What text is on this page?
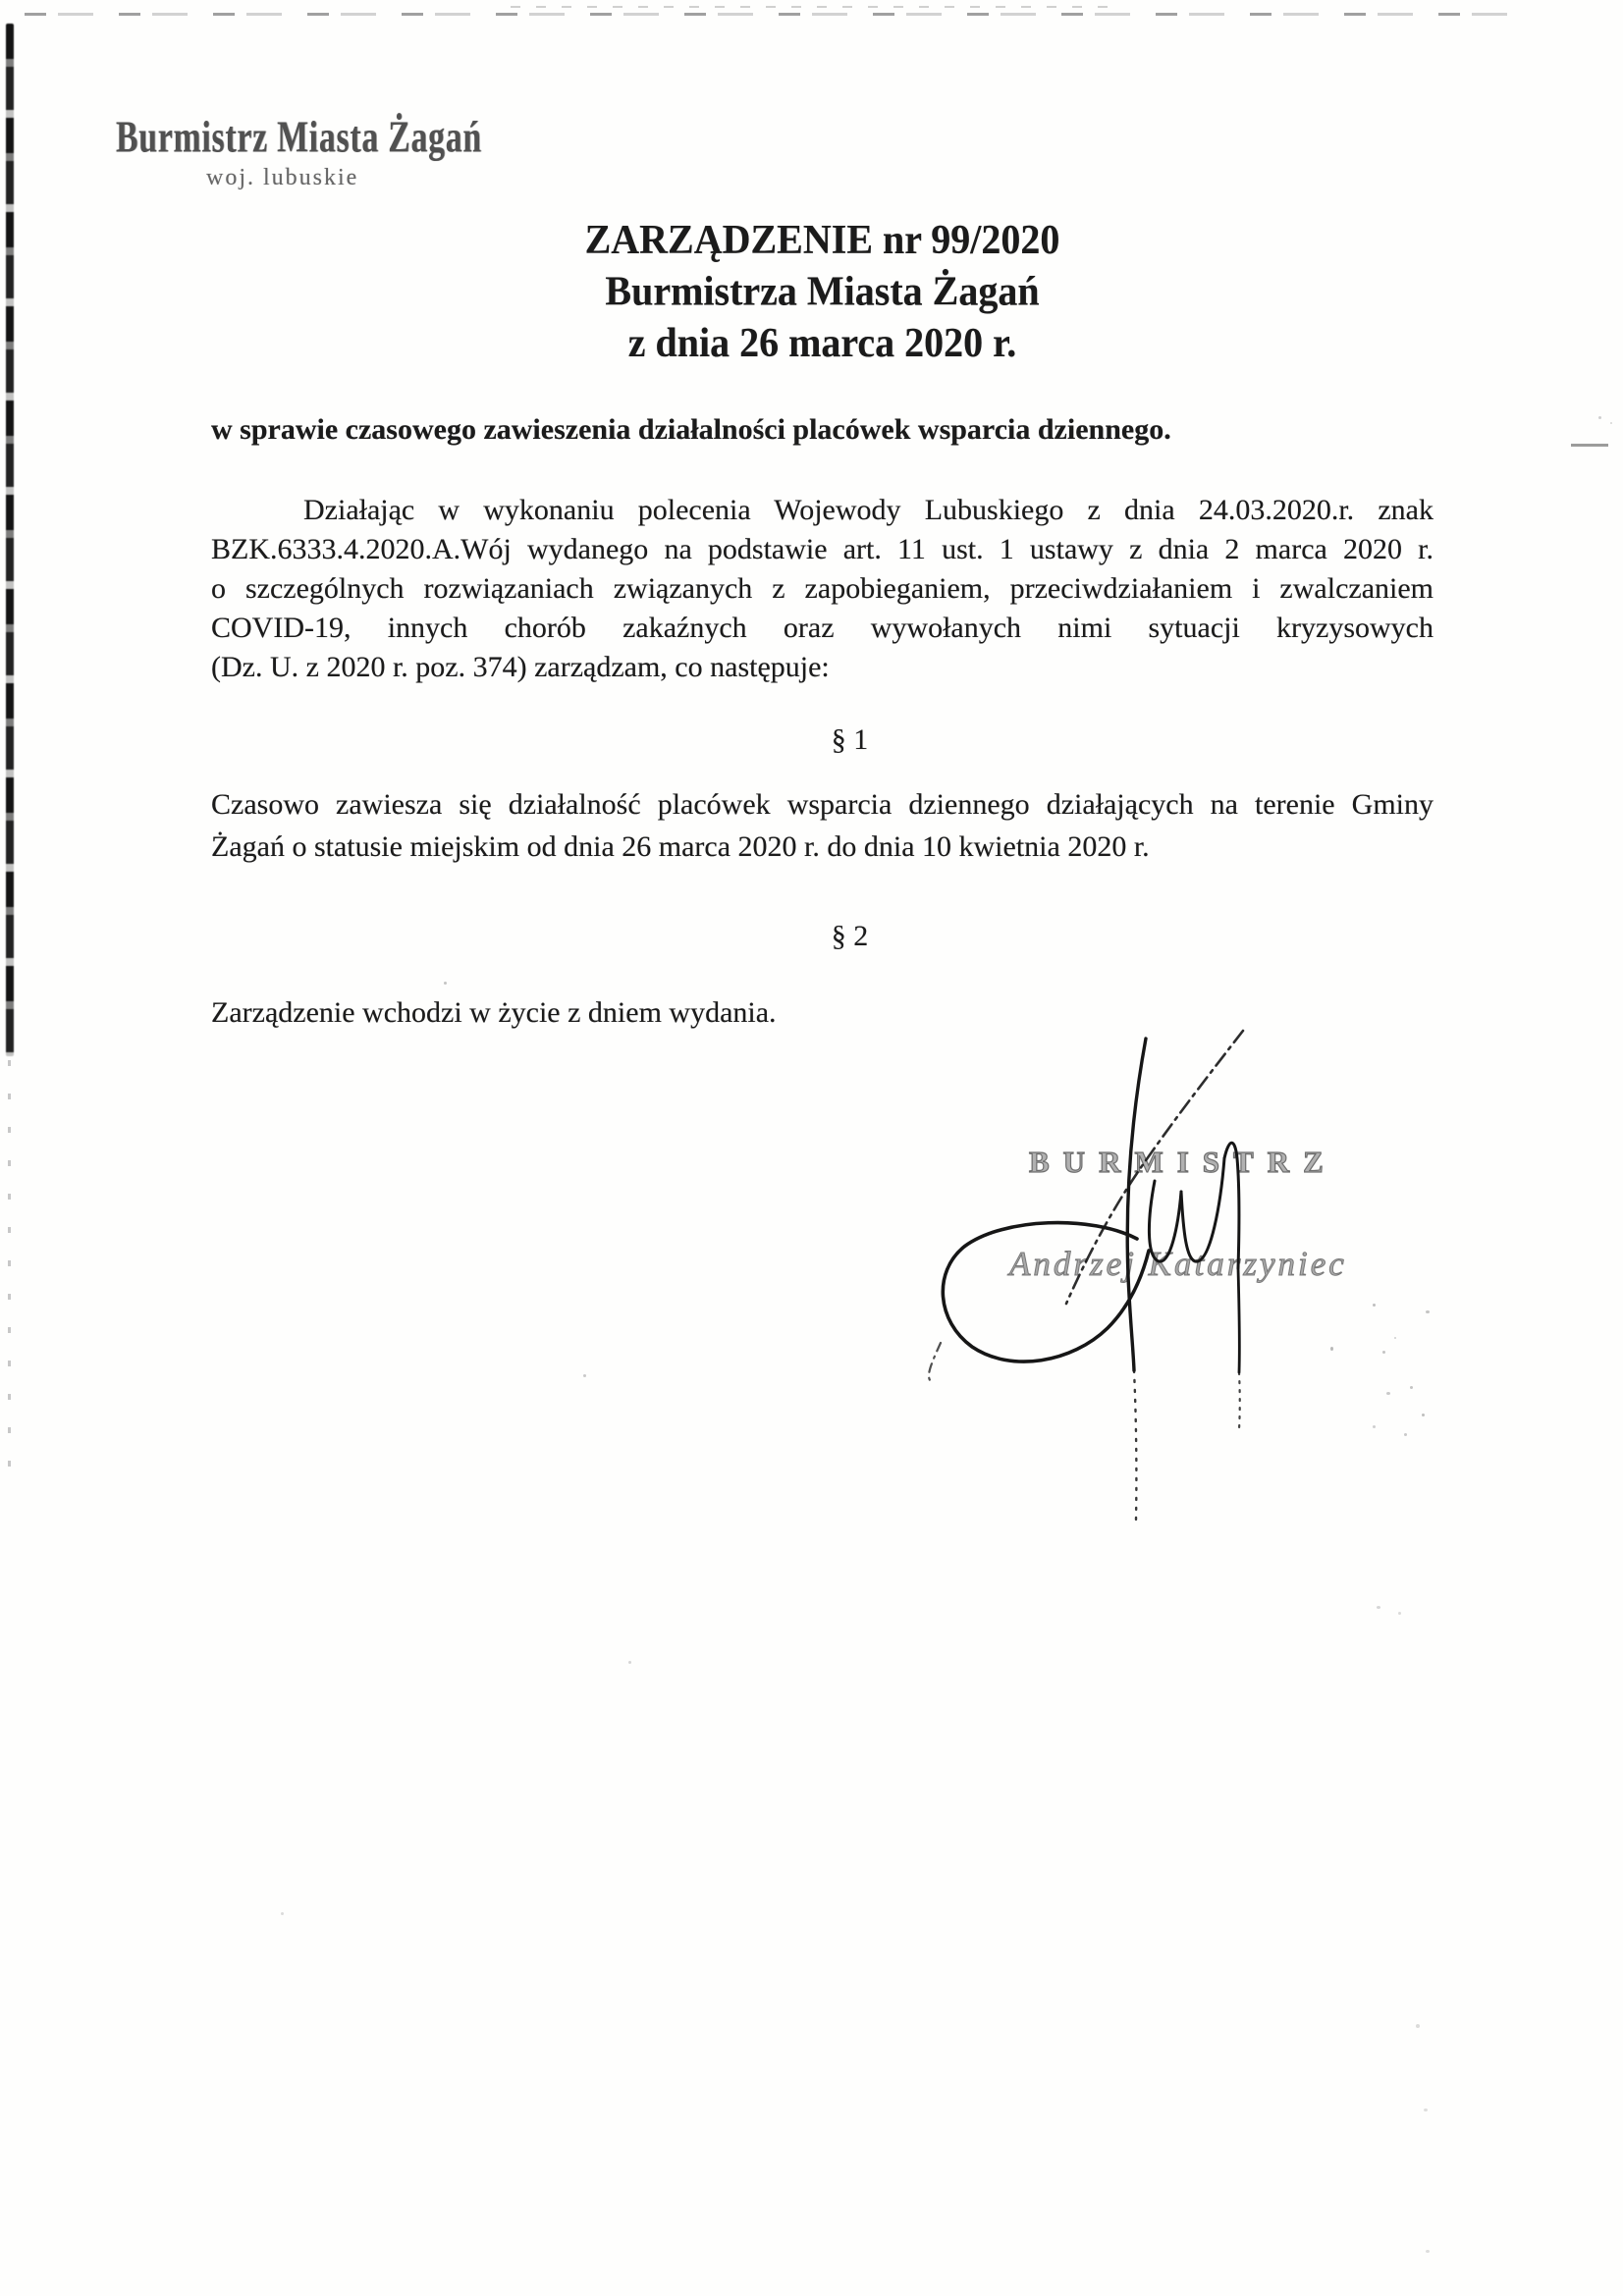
Burmistrz Miasta Żagań
woj. lubuskie
ZARZĄDZENIE nr 99/2020
Burmistrza Miasta Żagań
z dnia 26 marca 2020 r.
w sprawie czasowego zawieszenia działalności placówek wsparcia dziennego.
Działając w wykonaniu polecenia Wojewody Lubuskiego z dnia 24.03.2020.r. znak
BZK.6333.4.2020.A.Wój wydanego na podstawie art. 11 ust. 1 ustawy z dnia 2 marca 2020 r.
o szczególnych rozwiązaniach związanych z zapobieganiem, przeciwdziałaniem i zwalczaniem
COVID-19, innych chorób zakaźnych oraz wywołanych nimi sytuacji kryzysowych
(Dz. U. z 2020 r. poz. 374) zarządzam, co następuje:
§ 1
Czasowo zawiesza się działalność placówek wsparcia dziennego działających na terenie Gminy
Żagań o statusie miejskim od dnia 26 marca 2020 r. do dnia 10 kwietnia 2020 r.
§ 2
Zarządzenie wchodzi w życie z dniem wydania.
BURMISTRZ
Andrzej Katarzyniec
